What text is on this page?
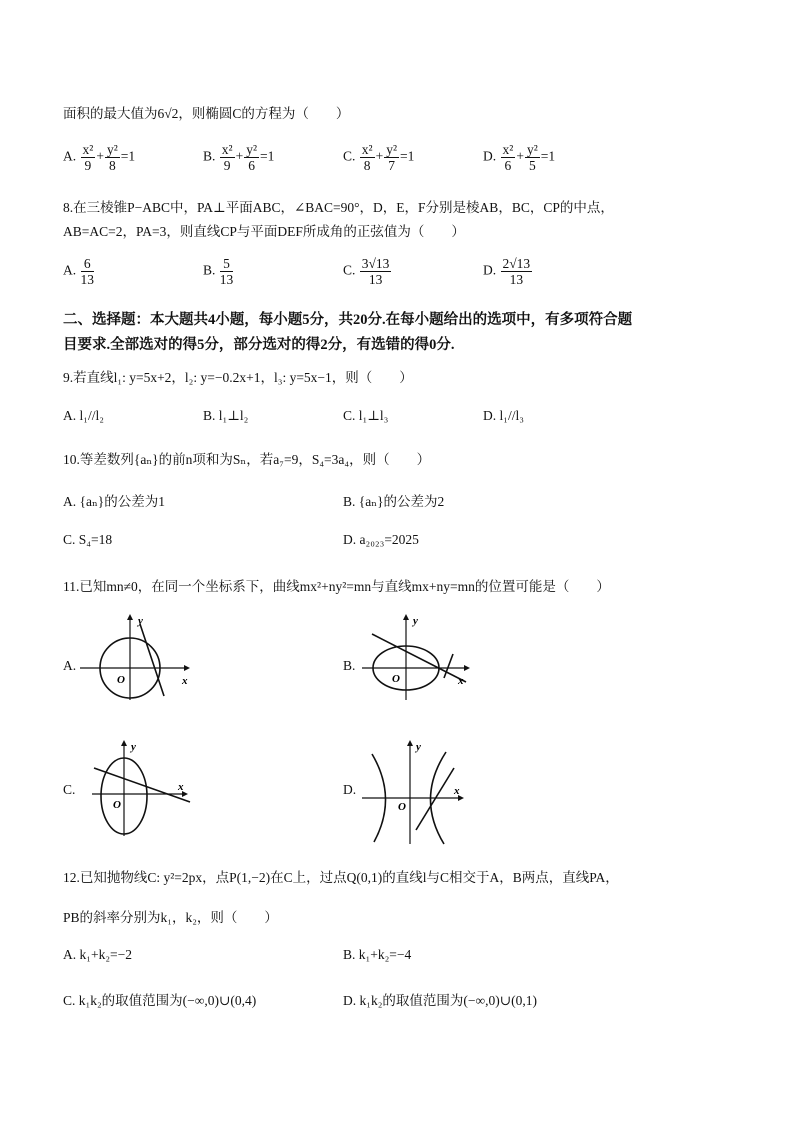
面积的最大值为6√2，则椭圆C的方程为（　　）
A. $\frac{\text{x²}}{9} + \frac{\text{y²}}{8} =1$	B. $\frac{\text{x²}}{9} + \frac{\text{y²}}{6} =1$	C. $\frac{\text{x²}}{8} + \frac{\text{y²}}{7} =1$	D. $\frac{\text{x²}}{6} + \frac{\text{y²}}{5} =1$
8.在三棱锥P−ABC中，PA⊥平面ABC，∠BAC=90°，D，E，F分别是棱AB，BC，CP的中点，
AB=AC=2，PA=3，则直线CP与平面DEF所成角的正弦值为（　　）
A. $\frac{6}{13}$	B. $\frac{5}{13}$	C. $\frac{3√13}{13}$	D. $\frac{2√13}{13}$
二、选择题：本大题共4小题，每小题5分，共20分.在每小题给出的选项中，有多项符合题
目要求.全部选对的得5分，部分选对的得2分，有选错的得0分.
9.若直线l₁: y=5x+2，l₂: y=−0.2x+1，l₃: y=5x−1，则（　　）
A. l₁//l₂	B. l₁⊥l₂	C. l₁⊥l₃	D. l₁//l₃
10.等差数列{aₙ}的前n项和为Sₙ，若a₇=9，S₄=3a₄，则（　　）
A. {aₙ}的公差为1	B. {aₙ}的公差为2
C. S₄=18	D. a₂₀₂₃=2025
11.已知mn≠0，在同一个坐标系下，曲线mx²+ny²=mn与直线mx+ny=mn的位置可能是（　　）
A.
y
x
O
B.
y
x
O
C.
y
x
O
D.
y
x
O
12.已知抛物线C: y²=2px，点P(1,−2)在C上，过点Q(0,1)的直线l与C相交于A，B两点，直线PA，
PB的斜率分别为k₁，k₂，则（　　）
A. k₁+k₂=−2	B. k₁+k₂=−4
C. k₁k₂的取值范围为(−∞,0)∪(0,4)	D. k₁k₂的取值范围为(−∞,0)∪(0,1)
